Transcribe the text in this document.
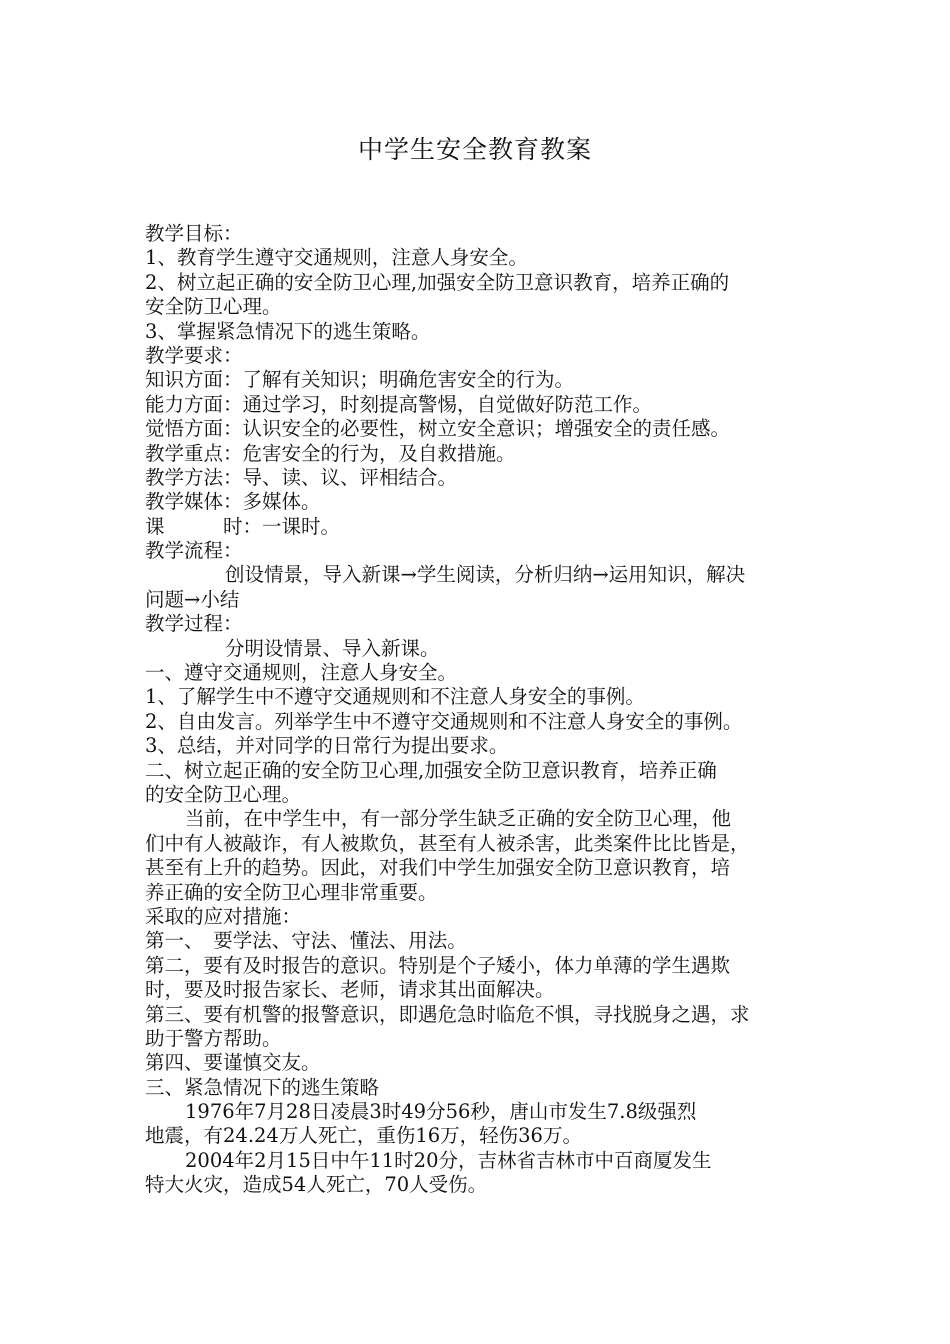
中学生安全教育教案
教学目标：
1、教育学生遵守交通规则，注意人身安全。
2、树立起正确的安全防卫心理,加强安全防卫意识教育，培养正确的
安全防卫心理。
3、掌握紧急情况下的逃生策略。
教学要求：
知识方面：了解有关知识；明确危害安全的行为。
能力方面：通过学习，时刻提高警惕，自觉做好防范工作。
觉悟方面：认识安全的必要性，树立安全意识；增强安全的责任感。
教学重点：危害安全的行为，及自救措施。
教学方法：导、读、议、评相结合。
教学媒体：多媒体。
课　　　时：一课时。
教学流程：
创设情景，导入新课→学生阅读，分析归纳→运用知识，解决
问题→小结
教学过程：
分明设情景、导入新课。
一、遵守交通规则，注意人身安全。
1、了解学生中不遵守交通规则和不注意人身安全的事例。
2、自由发言。列举学生中不遵守交通规则和不注意人身安全的事例。
3、总结，并对同学的日常行为提出要求。
二、树立起正确的安全防卫心理,加强安全防卫意识教育，培养正确
的安全防卫心理。
当前，在中学生中，有一部分学生缺乏正确的安全防卫心理，他
们中有人被敲诈，有人被欺负，甚至有人被杀害，此类案件比比皆是，
甚至有上升的趋势。因此，对我们中学生加强安全防卫意识教育，培
养正确的安全防卫心理非常重要。
采取的应对措施：
第一、　要学法、守法、懂法、用法。
第二，要有及时报告的意识。特别是个子矮小，体力单薄的学生遇欺
时，要及时报告家长、老师，请求其出面解决。
第三、要有机警的报警意识，即遇危急时临危不惧，寻找脱身之遇，求
助于警方帮助。
第四、要谨慎交友。
三、紧急情况下的逃生策略
1976年7月28日凌晨3时49分56秒，唐山市发生7.8级强烈
地震，有24.24万人死亡，重伤16万，轻伤36万。
2004年2月15日中午11时20分，吉林省吉林市中百商厦发生
特大火灾，造成54人死亡，70人受伤。
